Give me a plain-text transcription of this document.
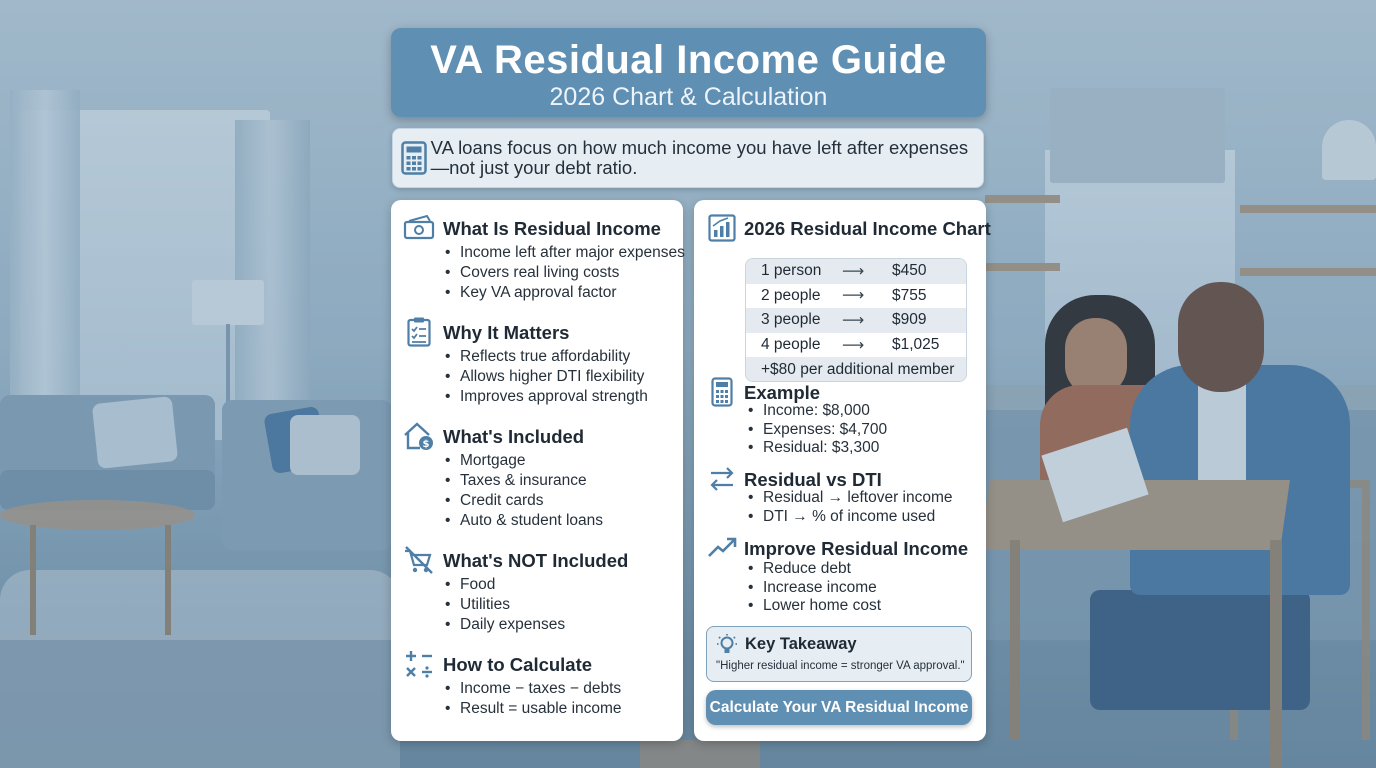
VA Residual Income Guide
2026 Chart & Calculation
VA loans focus on how much income you have left after expenses—not just your debt ratio.
What Is Residual Income
• Income left after major expenses
• Covers real living costs
• Key VA approval factor
Why It Matters
• Reflects true affordability
• Allows higher DTI flexibility
• Improves approval strength
$ What's Included
• Mortgage
• Taxes & insurance
• Credit cards
• Auto & student loans
What's NOT Included
• Food
• Utilities
• Daily expenses
How to Calculate
• Income − taxes − debts
• Result = usable income
2026 Residual Income Chart
1 person	⟶	$450
2 people	⟶	$755
3 people	⟶	$909
4 people	⟶	$1,025
+$80 per additional member
Example
• Income: $8,000
• Expenses: $4,700
• Residual: $3,300
Residual vs DTI
• Residual → leftover income
• DTI → % of income used
Improve Residual Income
• Reduce debt
• Increase income
• Lower home cost
Key Takeaway
"Higher residual income = stronger VA approval."
Calculate Your VA Residual Income
